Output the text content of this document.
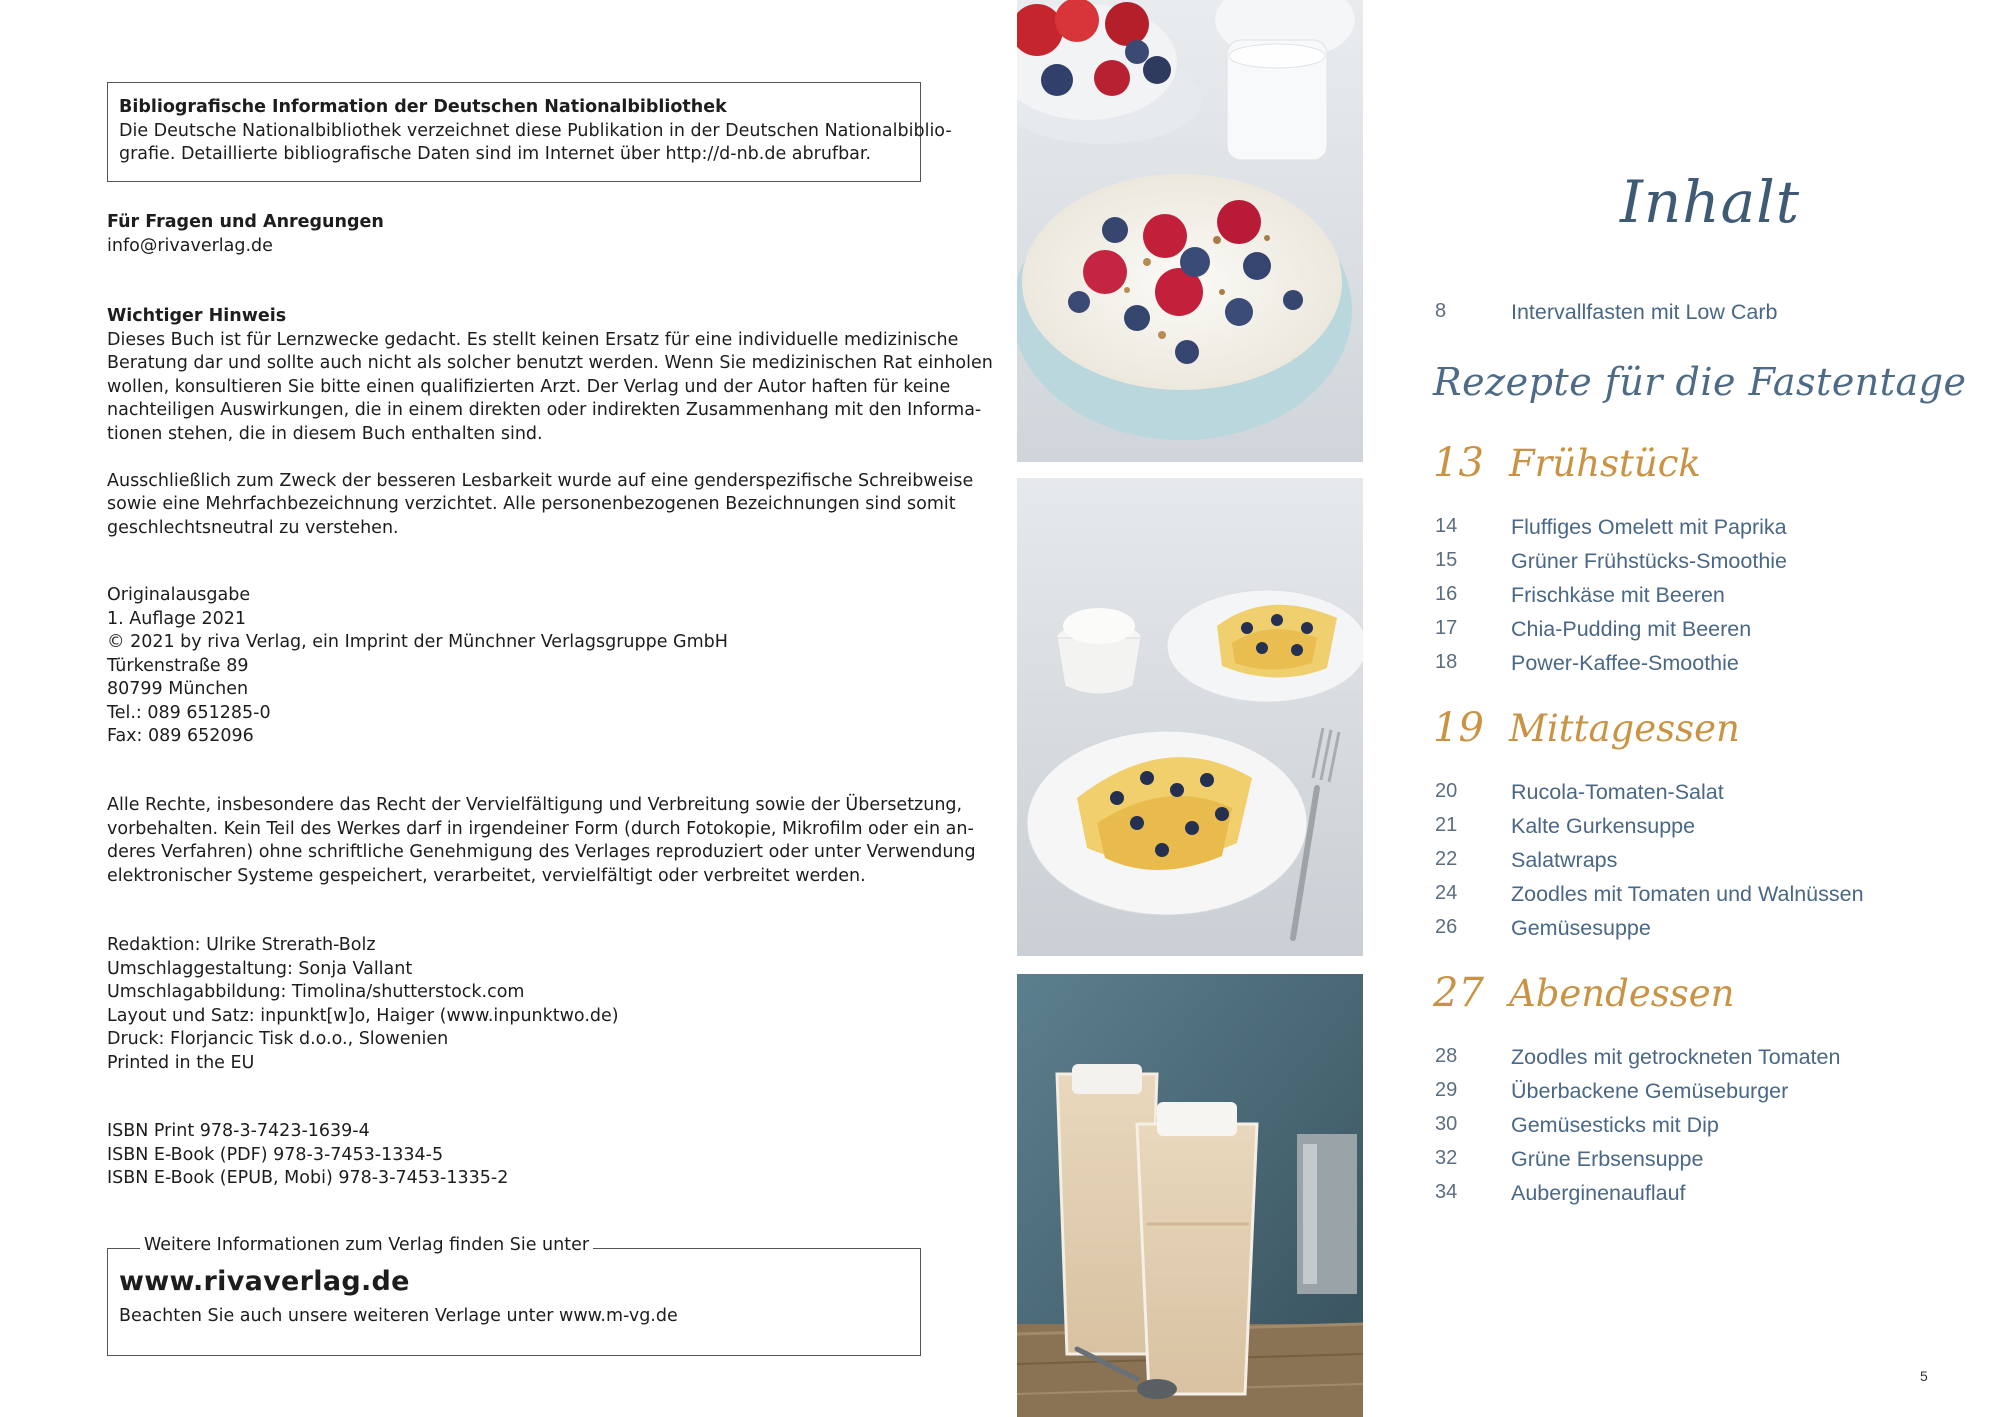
Bibliografische Information der Deutschen Nationalbibliothek
Die Deutsche Nationalbibliothek verzeichnet diese Publikation in der Deutschen Nationalbiblio-
grafie. Detaillierte bibliografische Daten sind im Internet über http://d-nb.de abrufbar.
Für Fragen und Anregungen
info@rivaverlag.de
Wichtiger Hinweis
Dieses Buch ist für Lernzwecke gedacht. Es stellt keinen Ersatz für eine individuelle medizinische
Beratung dar und sollte auch nicht als solcher benutzt werden. Wenn Sie medizinischen Rat einholen
wollen, konsultieren Sie bitte einen qualifizierten Arzt. Der Verlag und der Autor haften für keine
nachteiligen Auswirkungen, die in einem direkten oder indirekten Zusammenhang mit den Informa-
tionen stehen, die in diesem Buch enthalten sind.
Ausschließlich zum Zweck der besseren Lesbarkeit wurde auf eine genderspezifische Schreibweise
sowie eine Mehrfachbezeichnung verzichtet. Alle personenbezogenen Bezeichnungen sind somit
geschlechtsneutral zu verstehen.
Originalausgabe
1. Auflage 2021
© 2021 by riva Verlag, ein Imprint der Münchner Verlagsgruppe GmbH
Türkenstraße 89
80799 München
Tel.: 089 651285-0
Fax: 089 652096
Alle Rechte, insbesondere das Recht der Vervielfältigung und Verbreitung sowie der Übersetzung,
vorbehalten. Kein Teil des Werkes darf in irgendeiner Form (durch Fotokopie, Mikrofilm oder ein an-
deres Verfahren) ohne schriftliche Genehmigung des Verlages reproduziert oder unter Verwendung
elektronischer Systeme gespeichert, verarbeitet, vervielfältigt oder verbreitet werden.
Redaktion: Ulrike Strerath-Bolz
Umschlaggestaltung: Sonja Vallant
Umschlagabbildung: Timolina/shutterstock.com
Layout und Satz: inpunkt[w]o, Haiger (www.inpunktwo.de)
Druck: Florjancic Tisk d.o.o., Slowenien
Printed in the EU
ISBN Print 978-3-7423-1639-4
ISBN E-Book (PDF) 978-3-7453-1334-5
ISBN E-Book (EPUB, Mobi) 978-3-7453-1335-2
Weitere Informationen zum Verlag finden Sie unter
www.rivaverlag.de
Beachten Sie auch unsere weiteren Verlage unter www.m-vg.de
Inhalt
8	Intervallfasten mit Low Carb
Rezepte für die Fastentage
13 Frühstück
14	Fluffiges Omelett mit Paprika
15	Grüner Frühstücks-Smoothie
16	Frischkäse mit Beeren
17	Chia-Pudding mit Beeren
18	Power-Kaffee-Smoothie
19 Mittagessen
20	Rucola-Tomaten-Salat
21	Kalte Gurkensuppe
22	Salatwraps
24	Zoodles mit Tomaten und Walnüssen
26	Gemüsesuppe
27 Abendessen
28	Zoodles mit getrockneten Tomaten
29	Überbackene Gemüseburger
30	Gemüsesticks mit Dip
32	Grüne Erbsensuppe
34	Auberginenauflauf
5
